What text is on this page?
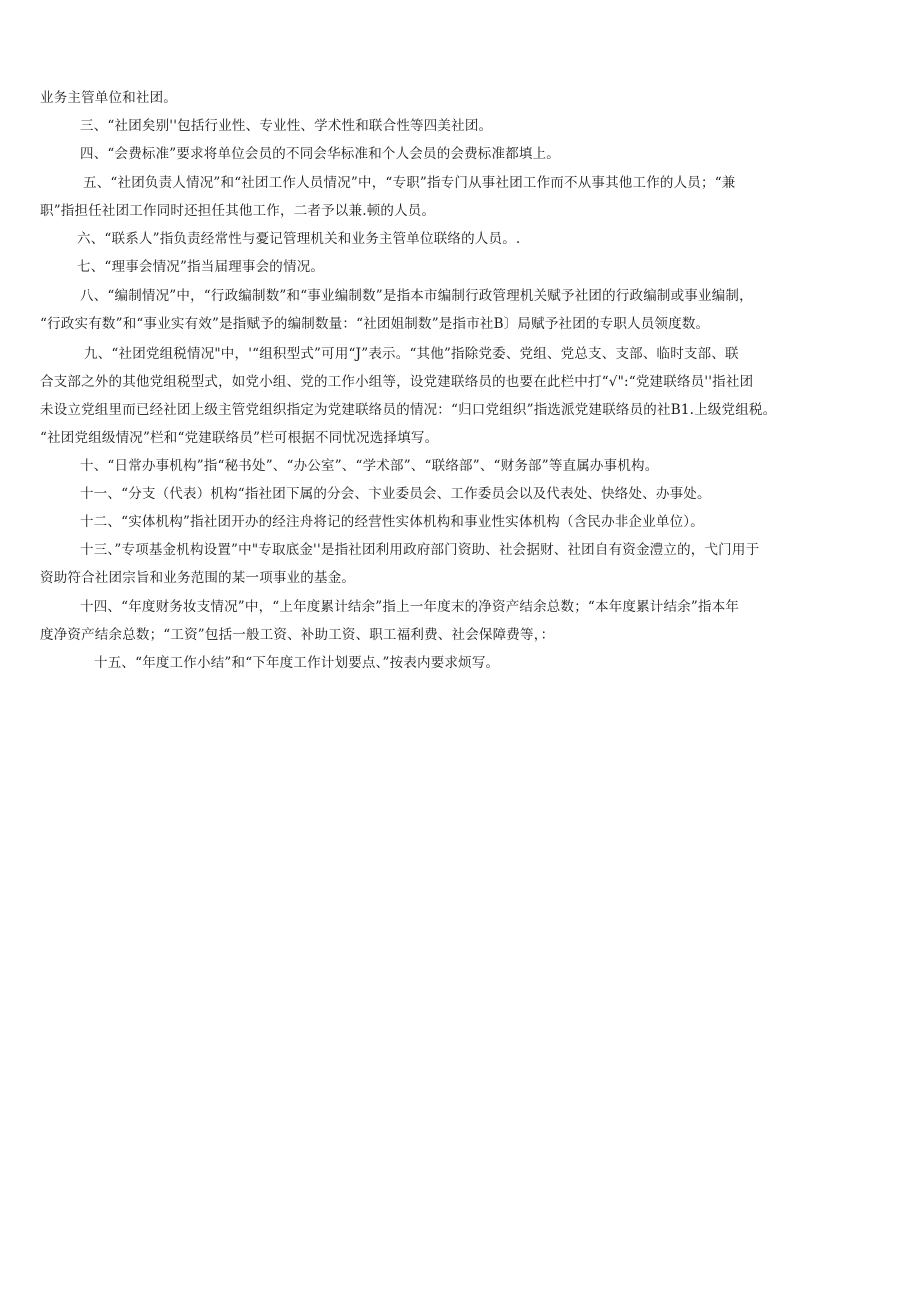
业务主管单位和社团。
三、“社团矣别''包括行业性、专业性、学术性和联合性等四美社团。
四、“会费标准”要求将单位会员的不同会华标准和个人会员的会费标准都填上。
五、“社团负责人情况”和“社团工作人员情况”中，“专职”指专门从事社团工作而不从事其他工作的人员；“兼
职”指担任社团工作同时还担任其他工作，二者予以兼.顿的人员。
六、“联系人”指负责经常性与憂记管理机关和业务主管单位联络的人员。.
七、“理事会情况”指当届理事会的情况。
八、“编制情况”中，“行政编制数”和“事业编制数”是指本市编制行政管理机关赋予社团的行政编制或事业编制，
“行政实有数”和“事业实有效”是指赋予的编制数量：“社团姐制数”是指市社B〕局赋予社团的专职人员领度数。
九、“社团党组税情况"中，'“组积型式”可用“J”表示。“其他”指除党委、党组、党总支、支部、临时支部、联
合支部之外的其他党组税型式，如党小组、党的工作小组等，设党建联络员的也要在此栏中打“√":“党建联络员''指社团
未设立党组里而已经社团上级主管党组织指定为党建联络员的情况：“归口党组织”指选派党建联络员的社B1.上级党组税。
“社团党组级情况”栏和“党建联络员”栏可根据不同忧况选择填写。
十、“日常办事机构”指“秘书处”、“办公室”、“学术部”、“联络部”、“财务部”等直属办事机构。
十一、“分支（代表）机构“指社团下属的分会、卞业委员会、工作委员会以及代表处、快络处、办事处。
十二、“实体机构”指社团开办的经注舟将记的经营性实体机构和事业性实体机构（含民办非企业单位）。
十三、”专项基金机构设置”中"专取底金''是指社团利用政府部门资助、社会据财、社团自有资金澧立的，弋门用于
资助符合社团宗旨和业务范围的某一项事业的基金。
十四、“年度财务妆支情况”中，“上年度累计结余”指上一年度末的净资产结余总数；“本年度累计结余”指本年
度净资产结余总数；“工资”包括一般工资、补助工资、职工福利费、社会保障费等，：
十五、“年度工作小结”和“下年度工作计划要点、”按表内要求烦写。
